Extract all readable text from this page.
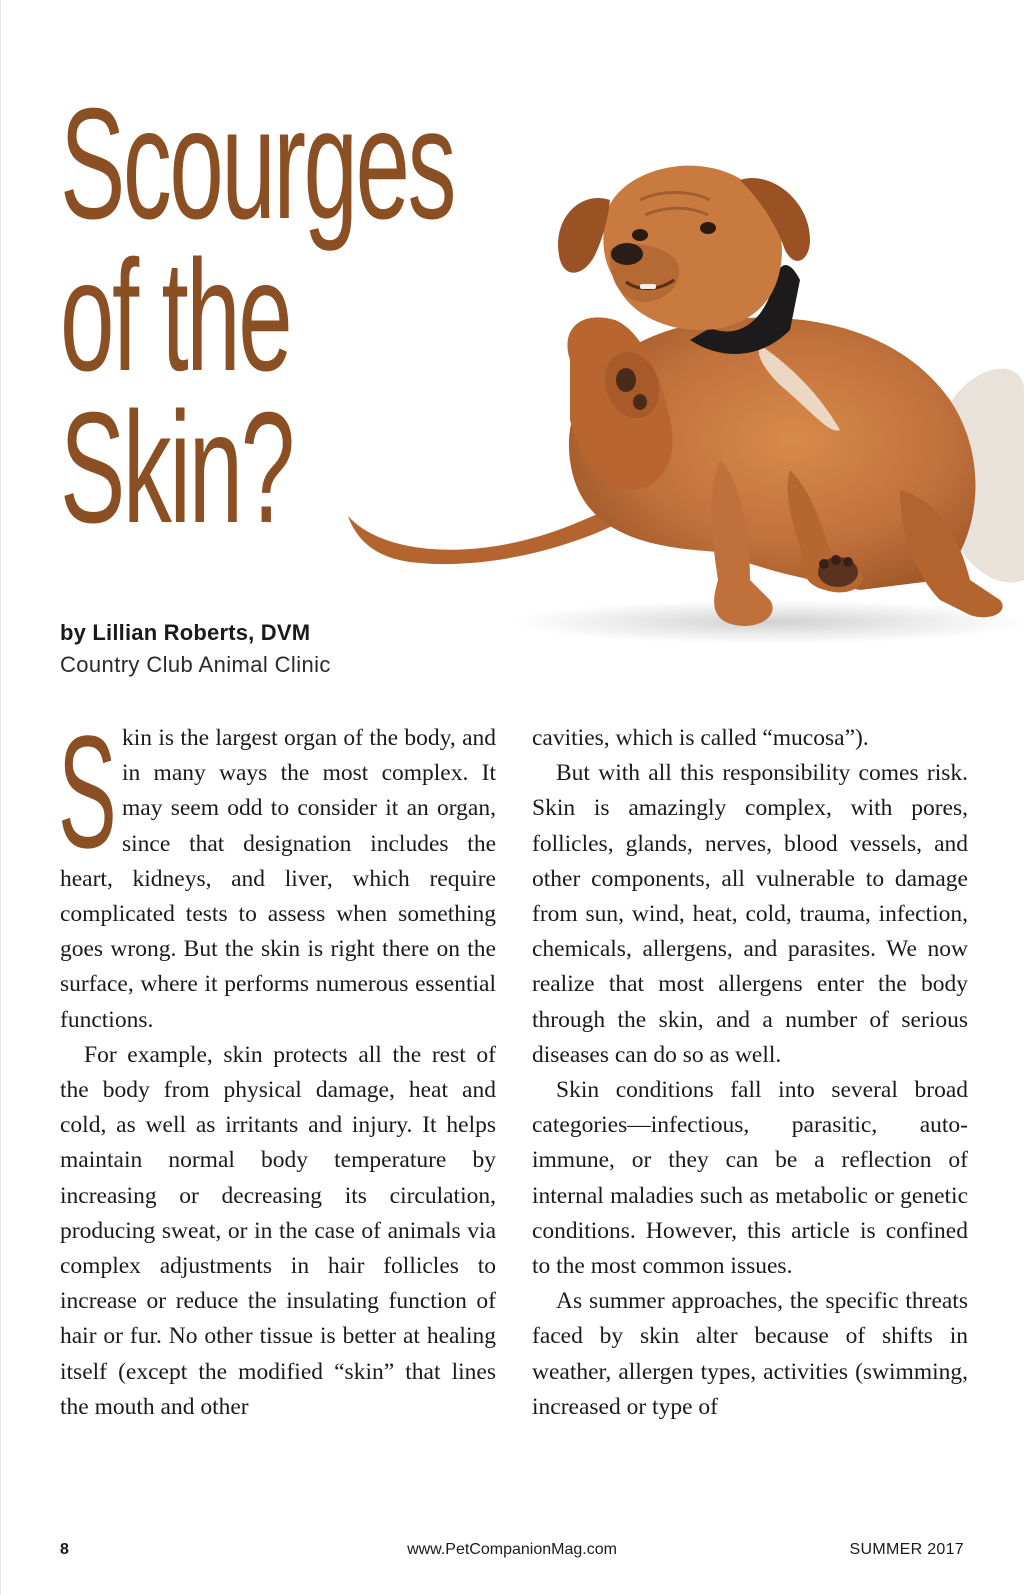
Scourges
of the
Skin?
by Lillian Roberts, DVM
Country Club Animal Clinic

Skin is the largest organ of the body, and in many ways the most complex. It may seem odd to consider it an organ, since that designation includes the heart, kidneys, and liver, which require complicated tests to assess when something goes wrong. But the skin is right there on the surface, where it performs numerous essential functions.

For example, skin protects all the rest of the body from physical damage, heat and cold, as well as irritants and injury. It helps maintain normal body temperature by increasing or decreasing its circulation, producing sweat, or in the case of animals via complex adjustments in hair follicles to increase or reduce the insulating function of hair or fur. No other tissue is better at healing itself (except the modified “skin” that lines the mouth and other

cavities, which is called “mucosa”).

But with all this responsibility comes risk. Skin is amazingly complex, with pores, follicles, glands, nerves, blood vessels, and other components, all vulnerable to damage from sun, wind, heat, cold, trauma, infection, chemicals, allergens, and parasites. We now realize that most allergens enter the body through the skin, and a number of serious diseases can do so as well.

Skin conditions fall into several broad categories—infectious, parasitic, auto-immune, or they can be a reflection of internal maladies such as metabolic or genetic conditions. However, this article is confined to the most common issues.

As summer approaches, the specific threats faced by skin alter because of shifts in weather, allergen types, activities (swimming, increased or type of

8	www.PetCompanionMag.com	SUMMER 2017
